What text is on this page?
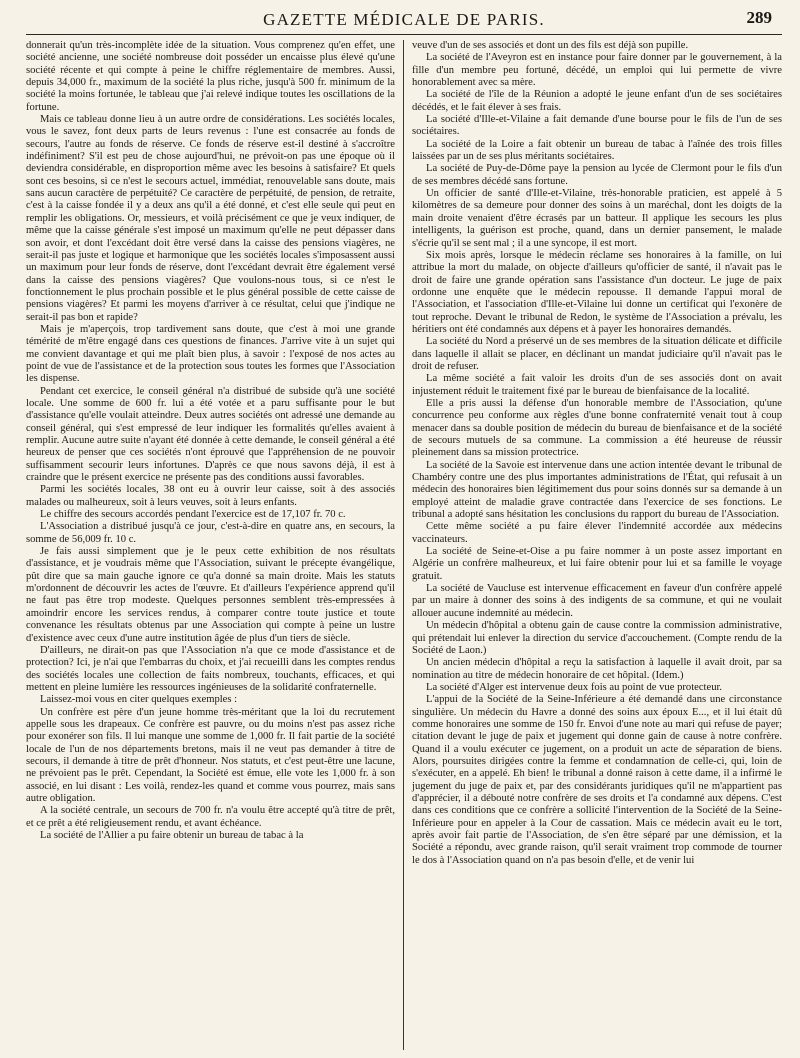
GAZETTE MÉDICALE DE PARIS.	289

donnerait qu'un très-incomplète idée de la situation. Vous comprenez qu'en effet, une société ancienne, une société nombreuse doit posséder un encaisse plus élevé qu'une société récente et qui compte à peine le chiffre réglementaire de membres. Aussi, depuis 34,000 fr., maximum de la société la plus riche, jusqu'à 500 fr. minimum de la société la moins fortunée, le tableau que j'ai relevé indique toutes les oscillations de la fortune.

Mais ce tableau donne lieu à un autre ordre de considérations. Les sociétés locales, vous le savez, font deux parts de leurs revenus : l'une est consacrée au fonds de secours, l'autre au fonds de réserve. Ce fonds de réserve est-il destiné à s'accroître indéfiniment? S'il est peu de chose aujourd'hui, ne prévoit-on pas une époque où il deviendra considérable, en disproportion même avec les besoins à satisfaire? Et quels sont ces besoins, si ce n'est le secours actuel, immédiat, renouvelable sans doute, mais sans aucun caractère de perpétuité? Ce caractère de perpétuité, de pension, de retraite, c'est à la caisse fondée il y a deux ans qu'il a été donné, et c'est elle seule qui peut en remplir les obligations. Or, messieurs, et voilà précisément ce que je veux indiquer, de même que la caisse générale s'est imposé un maximum qu'elle ne peut dépasser dans son avoir, et dont l'excédant doit être versé dans la caisse des pensions viagères, ne serait-il pas juste et logique et harmonique que les sociétés locales s'imposassent aussi un maximum pour leur fonds de réserve, dont l'excédant devrait être également versé dans la caisse des pensions viagères? Que voulons-nous tous, si ce n'est le fonctionnement le plus prochain possible et le plus général possible de cette caisse de pensions viagères? Et parmi les moyens d'arriver à ce résultat, celui que j'indique ne serait-il pas bon et rapide?

Mais je m'aperçois, trop tardivement sans doute, que c'est à moi une grande témérité de m'être engagé dans ces questions de finances. J'arrive vite à un sujet qui me convient davantage et qui me plaît bien plus, à savoir : l'exposé de nos actes au point de vue de l'assistance et de la protection sous toutes les formes que l'Association les dispense.

Pendant cet exercice, le conseil général n'a distribué de subside qu'à une société locale. Une somme de 600 fr. lui a été votée et a paru suffisante pour le but d'assistance qu'elle voulait atteindre. Deux autres sociétés ont adressé une demande au conseil général, qui s'est empressé de leur indiquer les formalités qu'elles avaient à remplir. Aucune autre suite n'ayant été donnée à cette demande, le conseil général a été heureux de penser que ces sociétés n'ont éprouvé que l'appréhension de ne pouvoir suffisamment secourir leurs infortunes. D'après ce que nous savons déjà, il est à craindre que le présent exercice ne présente pas des conditions aussi favorables.

Parmi les sociétés locales, 38 ont eu à ouvrir leur caisse, soit à des associés malades ou malheureux, soit à leurs veuves, soit à leurs enfants.

Le chiffre des secours accordés pendant l'exercice est de 17,107 fr. 70 c.

L'Association a distribué jusqu'à ce jour, c'est-à-dire en quatre ans, en secours, la somme de 56,009 fr. 10 c.

Je fais aussi simplement que je le peux cette exhibition de nos résultats d'assistance, et je voudrais même que l'Association, suivant le précepte évangélique, pût dire que sa main gauche ignore ce qu'a donné sa main droite. Mais les statuts m'ordonnent de découvrir les actes de l'œuvre. Et d'ailleurs l'expérience apprend qu'il ne faut pas être trop modeste. Quelques personnes semblent très-empressées à amoindrir encore les services rendus, à comparer contre toute justice et toute convenance les résultats obtenus par une Association qui compte à peine un lustre d'existence avec ceux d'une autre institution âgée de plus d'un tiers de siècle.

D'ailleurs, ne dirait-on pas que l'Association n'a que ce mode d'assistance et de protection? Ici, je n'ai que l'embarras du choix, et j'ai recueilli dans les comptes rendus des sociétés locales une collection de faits nombreux, touchants, efficaces, et qui mettent en pleine lumière les ressources ingénieuses de la solidarité confraternelle.

Laissez-moi vous en citer quelques exemples :

Un confrère est père d'un jeune homme très-méritant que la loi du recrutement appelle sous les drapeaux. Ce confrère est pauvre, ou du moins n'est pas assez riche pour exonérer son fils. Il lui manque une somme de 1,000 fr. Il fait partie de la société locale de l'un de nos départements bretons, mais il ne veut pas demander à titre de secours, il demande à titre de prêt d'honneur. Nos statuts, et c'est peut-être une lacune, ne prévoient pas le prêt. Cependant, la Société est émue, elle vote les 1,000 fr. à son associé, en lui disant : Les voilà, rendez-les quand et comme vous pourrez, mais sans autre obligation.

A la société centrale, un secours de 700 fr. n'a voulu être accepté qu'à titre de prêt, et ce prêt a été religieusement rendu, et avant échéance.

La société de l'Allier a pu faire obtenir un bureau de tabac à la

veuve d'un de ses associés et dont un des fils est déjà son pupille.

La société de l'Aveyron est en instance pour faire donner par le gouvernement, à la fille d'un membre peu fortuné, décédé, un emploi qui lui permette de vivre honorablement avec sa mère.

La société de l'île de la Réunion a adopté le jeune enfant d'un de ses sociétaires décédés, et le fait élever à ses frais.

La société d'Ille-et-Vilaine a fait demande d'une bourse pour le fils de l'un de ses sociétaires.

La société de la Loire a fait obtenir un bureau de tabac à l'aînée des trois filles laissées par un de ses plus méritants sociétaires.

La société de Puy-de-Dôme paye la pension au lycée de Clermont pour le fils d'un de ses membres décédé sans fortune.

Un officier de santé d'Ille-et-Vilaine, très-honorable praticien, est appelé à 5 kilomètres de sa demeure pour donner des soins à un maréchal, dont les doigts de la main droite venaient d'être écrasés par un batteur. Il applique les secours les plus intelligents, la guérison est proche, quand, dans un dernier pansement, le malade s'écrie qu'il se sent mal ; il a une syncope, il est mort.

Six mois après, lorsque le médecin réclame ses honoraires à la famille, on lui attribue la mort du malade, on objecte d'ailleurs qu'officier de santé, il n'avait pas le droit de faire une grande opération sans l'assistance d'un docteur. Le juge de paix ordonne une enquête que le médecin repousse. Il demande l'appui moral de l'Association, et l'association d'Ille-et-Vilaine lui donne un certificat qui l'exonère de tout reproche. Devant le tribunal de Redon, le système de l'Association a prévalu, les héritiers ont été condamnés aux dépens et à payer les honoraires demandés.

La société du Nord a préservé un de ses membres de la situation délicate et difficile dans laquelle il allait se placer, en déclinant un mandat judiciaire qu'il n'avait pas le droit de refuser.

La même société a fait valoir les droits d'un de ses associés dont on avait injustement réduit le traitement fixé par le bureau de bienfaisance de la localité.

Elle a pris aussi la défense d'un honorable membre de l'Association, qu'une concurrence peu conforme aux règles d'une bonne confraternité venait tout à coup menacer dans sa double position de médecin du bureau de bienfaisance et de la société de secours mutuels de sa commune. La commission a été heureuse de réussir pleinement dans sa mission protectrice.

La société de la Savoie est intervenue dans une action intentée devant le tribunal de Chambéry contre une des plus importantes administrations de l'État, qui refusait à un médecin des honoraires bien légitimement dus pour soins donnés sur sa demande à un employé atteint de maladie grave contractée dans l'exercice de ses fonctions. Le tribunal a adopté sans hésitation les conclusions du rapport du bureau de l'Association.

Cette même société a pu faire élever l'indemnité accordée aux médecins vaccinateurs.

La société de Seine-et-Oise a pu faire nommer à un poste assez important en Algérie un confrère malheureux, et lui faire obtenir pour lui et sa famille le voyage gratuit.

La société de Vaucluse est intervenue efficacement en faveur d'un confrère appelé par un maire à donner des soins à des indigents de sa commune, et qui ne voulait allouer aucune indemnité au médecin.

Un médecin d'hôpital a obtenu gain de cause contre la commission administrative, qui prétendait lui enlever la direction du service d'accouchement. (Compte rendu de la Société de Laon.)

Un ancien médecin d'hôpital a reçu la satisfaction à laquelle il avait droit, par sa nomination au titre de médecin honoraire de cet hôpital. (Idem.)

La société d'Alger est intervenue deux fois au point de vue protecteur.

L'appui de la Société de la Seine-Inférieure a été demandé dans une circonstance singulière. Un médecin du Havre a donné des soins aux époux E..., et il lui était dû comme honoraires une somme de 150 fr. Envoi d'une note au mari qui refuse de payer; citation devant le juge de paix et jugement qui donne gain de cause à notre confrère. Quand il a voulu exécuter ce jugement, on a produit un acte de séparation de biens. Alors, poursuites dirigées contre la femme et condamnation de celle-ci, qui, loin de s'exécuter, en a appelé. Eh bien! le tribunal a donné raison à cette dame, il a infirmé le jugement du juge de paix et, par des considérants juridiques qu'il ne m'appartient pas d'apprécier, il a débouté notre confrère de ses droits et l'a condamné aux dépens. C'est dans ces conditions que ce confrère a sollicité l'intervention de la Société de la Seine-Inférieure pour en appeler à la Cour de cassation. Mais ce médecin avait eu le tort, après avoir fait partie de l'Association, de s'en être séparé par une démission, et la Société a répondu, avec grande raison, qu'il serait vraiment trop commode de tourner le dos à l'Association quand on n'a pas besoin d'elle, et de venir lui
